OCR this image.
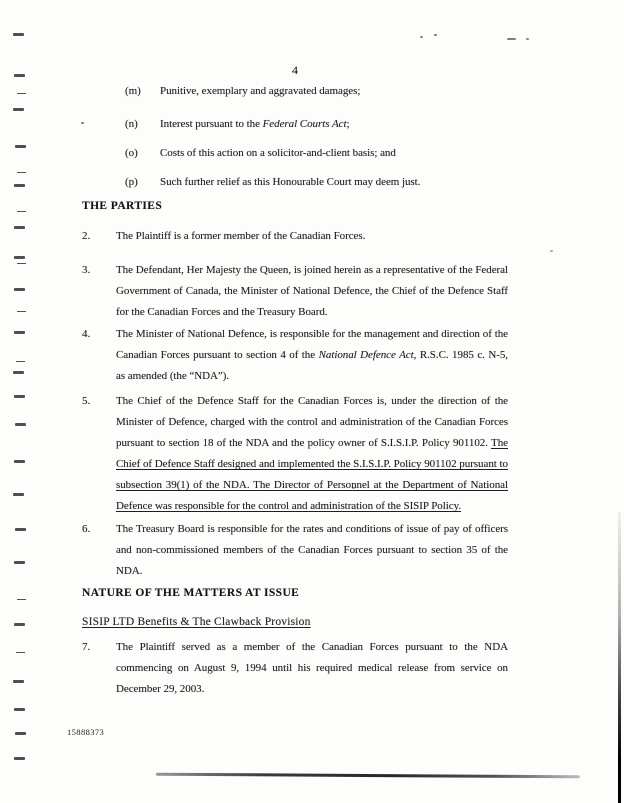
4
(m) Punitive, exemplary and aggravated damages;
(n) Interest pursuant to the Federal Courts Act;
(o) Costs of this action on a solicitor-and-client basis; and
(p) Such further relief as this Honourable Court may deem just.
THE PARTIES
2. The Plaintiff is a former member of the Canadian Forces.
3. The Defendant, Her Majesty the Queen, is joined herein as a representative of the Federal Government of Canada, the Minister of National Defence, the Chief of the Defence Staff for the Canadian Forces and the Treasury Board.
4. The Minister of National Defence, is responsible for the management and direction of the Canadian Forces pursuant to section 4 of the National Defence Act, R.S.C. 1985 c. N-5, as amended (the “NDA”).
5. The Chief of the Defence Staff for the Canadian Forces is, under the direction of the Minister of Defence, charged with the control and administration of the Canadian Forces pursuant to section 18 of the NDA and the policy owner of S.I.S.I.P. Policy 901102. The Chief of Defence Staff designed and implemented the S.I.S.I.P. Policy 901102 pursuant to subsection 39(1) of the NDA. The Director of Personnel at the Department of National Defence was responsible for the control and administration of the SISIP Policy.
6. The Treasury Board is responsible for the rates and conditions of issue of pay of officers and non-commissioned members of the Canadian Forces pursuant to section 35 of the NDA.
NATURE OF THE MATTERS AT ISSUE
SISIP LTD Benefits & The Clawback Provision
7. The Plaintiff served as a member of the Canadian Forces pursuant to the NDA commencing on August 9, 1994 until his required medical release from service on December 29, 2003.
15888373
